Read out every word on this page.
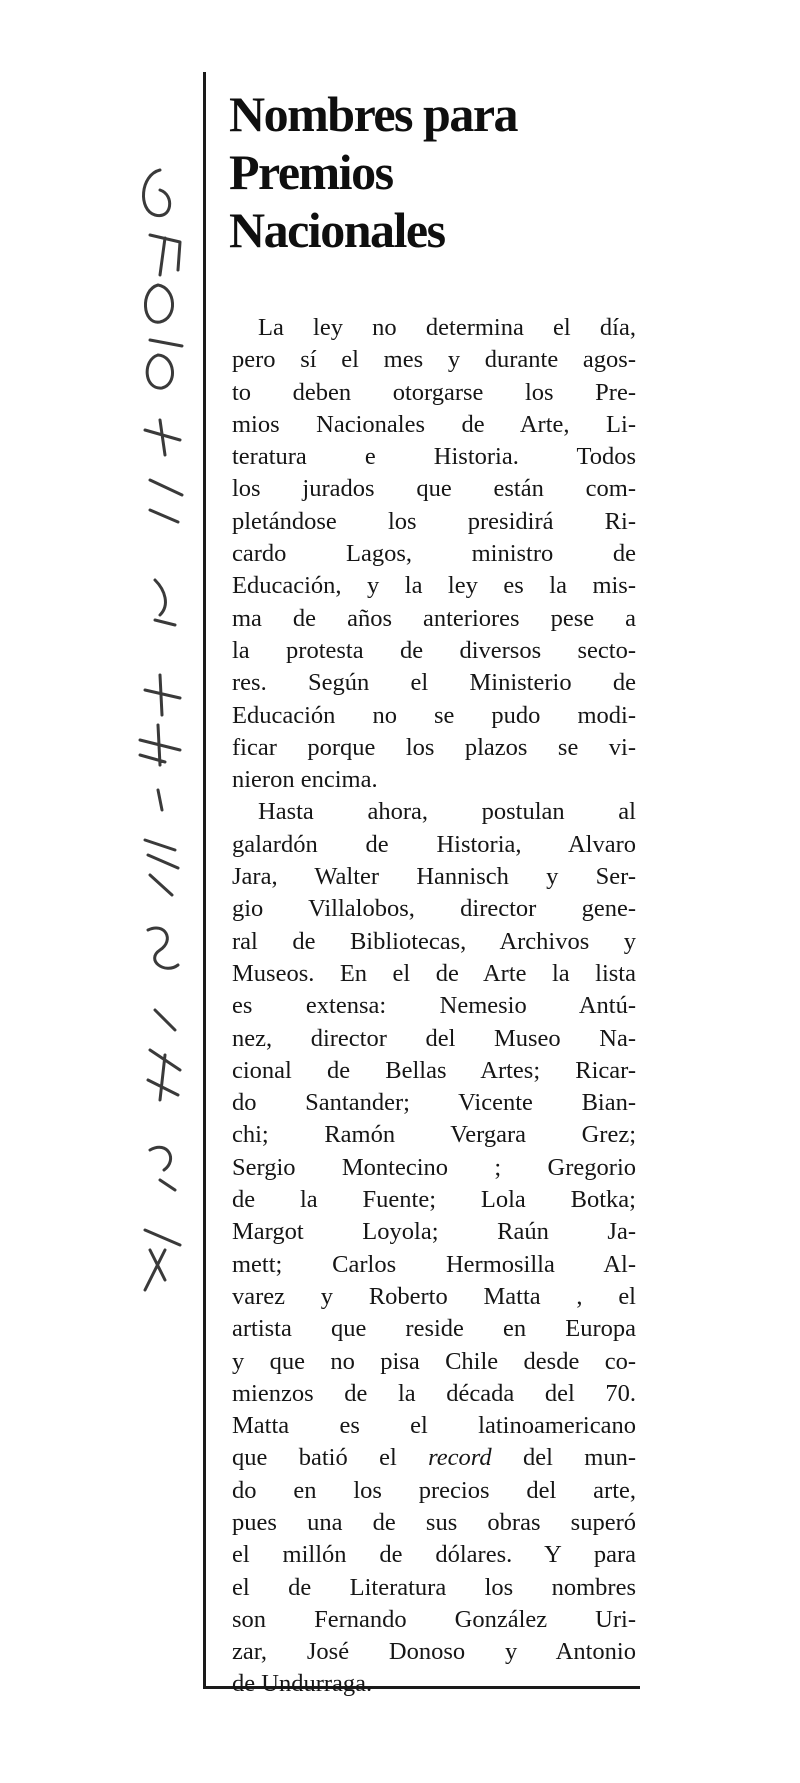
Nombres para
Premios
Nacionales
La ley no determina el día,
pero sí el mes y durante agos-
to deben otorgarse los Pre-
mios Nacionales de Arte, Li-
teratura e Historia. Todos
los jurados que están com-
pletándose los presidirá Ri-
cardo Lagos, ministro de
Educación, y la ley es la mis-
ma de años anteriores pese a
la protesta de diversos secto-
res. Según el Ministerio de
Educación no se pudo modi-
ficar porque los plazos se vi-
nieron encima.
Hasta ahora, postulan al
galardón de Historia, Alvaro
Jara, Walter Hannisch y Ser-
gio Villalobos, director gene-
ral de Bibliotecas, Archivos y
Museos. En el de Arte la lista
es extensa: Nemesio Antú-
nez, director del Museo Na-
cional de Bellas Artes; Ricar-
do Santander; Vicente Bian-
chi; Ramón Vergara Grez;
Sergio Montecino ; Gregorio
de la Fuente; Lola Botka;
Margot Loyola; Raún Ja-
mett; Carlos Hermosilla Al-
varez y Roberto Matta , el
artista que reside en Europa
y que no pisa Chile desde co-
mienzos de la década del 70.
Matta es el latinoamericano
que batió el record del mun-
do en los precios del arte,
pues una de sus obras superó
el millón de dólares. Y para
el de Literatura los nombres
son Fernando González Uri-
zar, José Donoso y Antonio
de Undurraga.
